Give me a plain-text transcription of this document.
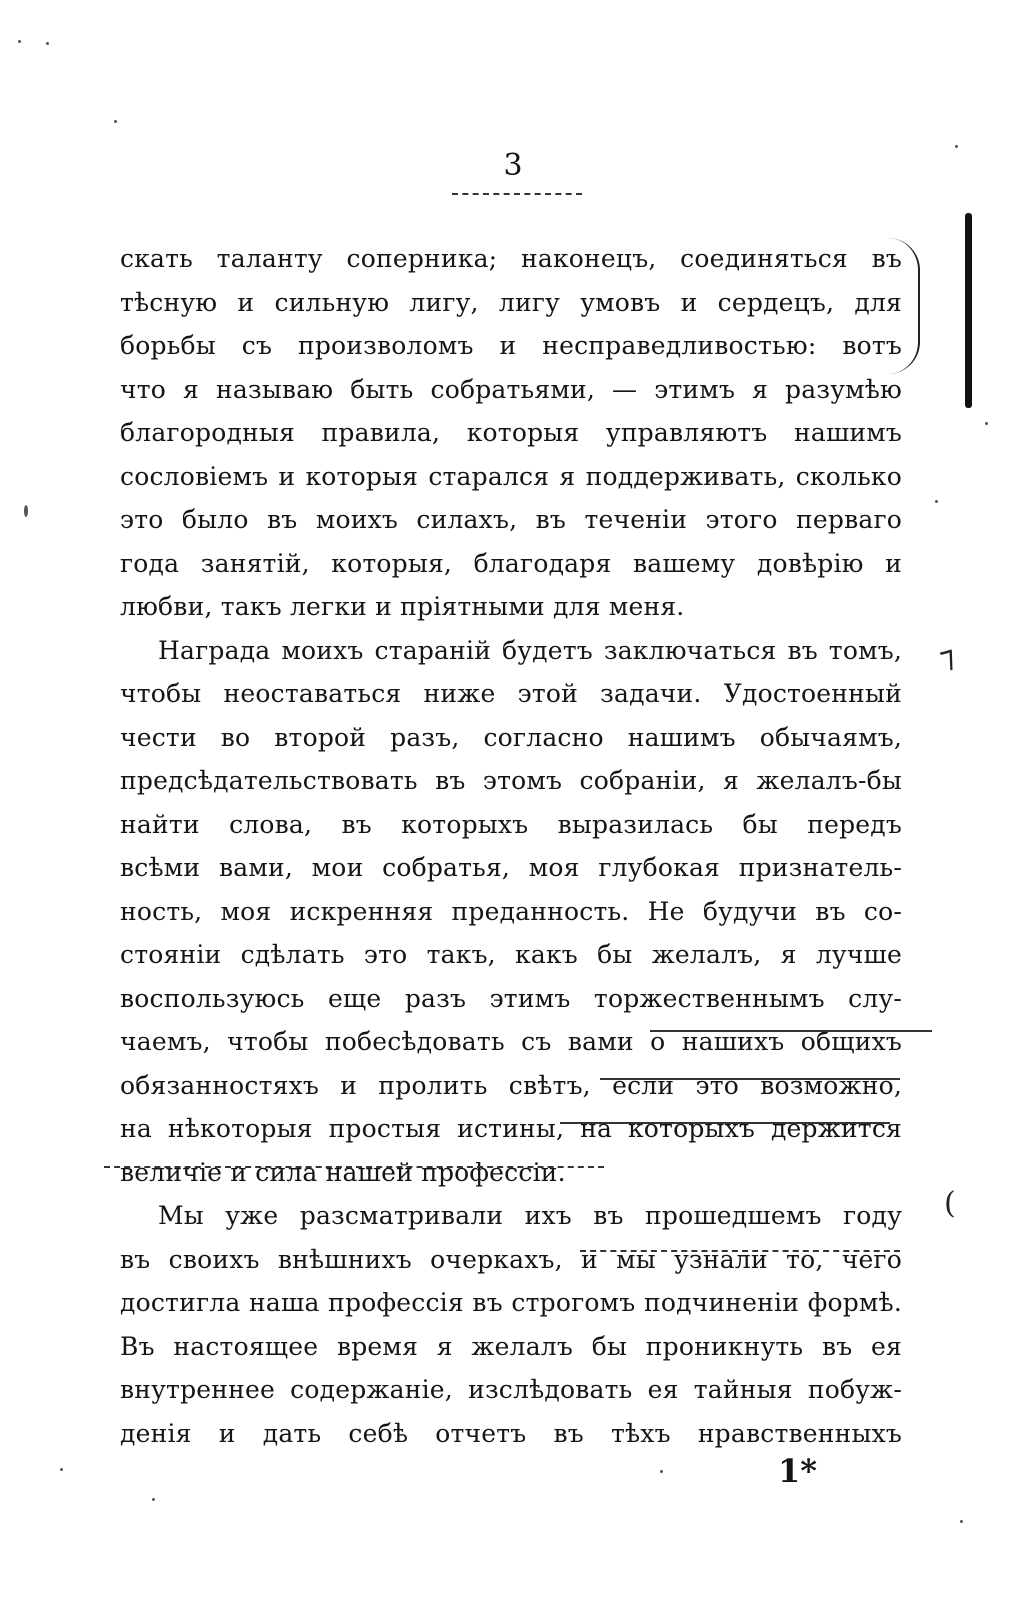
3
скать таланту соперника; наконецъ, соединяться въ
тѣсную и сильную лигу, лигу умовъ и сердецъ, для
борьбы съ произволомъ и несправедливостью: вотъ
что я называю быть собратьями, — этимъ я разумѣю
благородныя правила, которыя управляютъ нашимъ
сословіемъ и которыя старался я поддерживать, сколько
это было въ моихъ силахъ, въ теченіи этого перваго
года занятій, которыя, благодаря вашему довѣрію и
любви, такъ легки и пріятными для меня.
Награда моихъ стараній будетъ заключаться въ томъ,
чтобы неоставаться ниже этой задачи. Удостоенный
чести во второй разъ, согласно нашимъ обычаямъ,
предсѣдательствовать въ этомъ собраніи, я желалъ-бы
найти слова, въ которыхъ выразилась бы передъ
всѣми вами, мои собратья, моя глубокая признатель-
ность, моя искренняя преданность. Не будучи въ со-
стояніи сдѣлать это такъ, какъ бы желалъ, я лучше
воспользуюсь еще разъ этимъ торжественнымъ слу-
чаемъ, чтобы побесѣдовать съ вами о нашихъ общихъ
обязанностяхъ и пролить свѣтъ, если это возможно,
на нѣкоторыя простыя истины, на которыхъ держится
величіе и сила нашей профессіи.
Мы уже разсматривали ихъ въ прошедшемъ году
въ своихъ внѣшнихъ очеркахъ, и мы узнали то, чего
достигла наша профессія въ строгомъ подчиненіи формѣ.
Въ настоящее время я желалъ бы проникнуть въ ея
внутреннее содержаніе, изслѣдовать ея тайныя побуж-
денія и дать себѣ отчетъ въ тѣхъ нравственныхъ
1*
⁊
(
